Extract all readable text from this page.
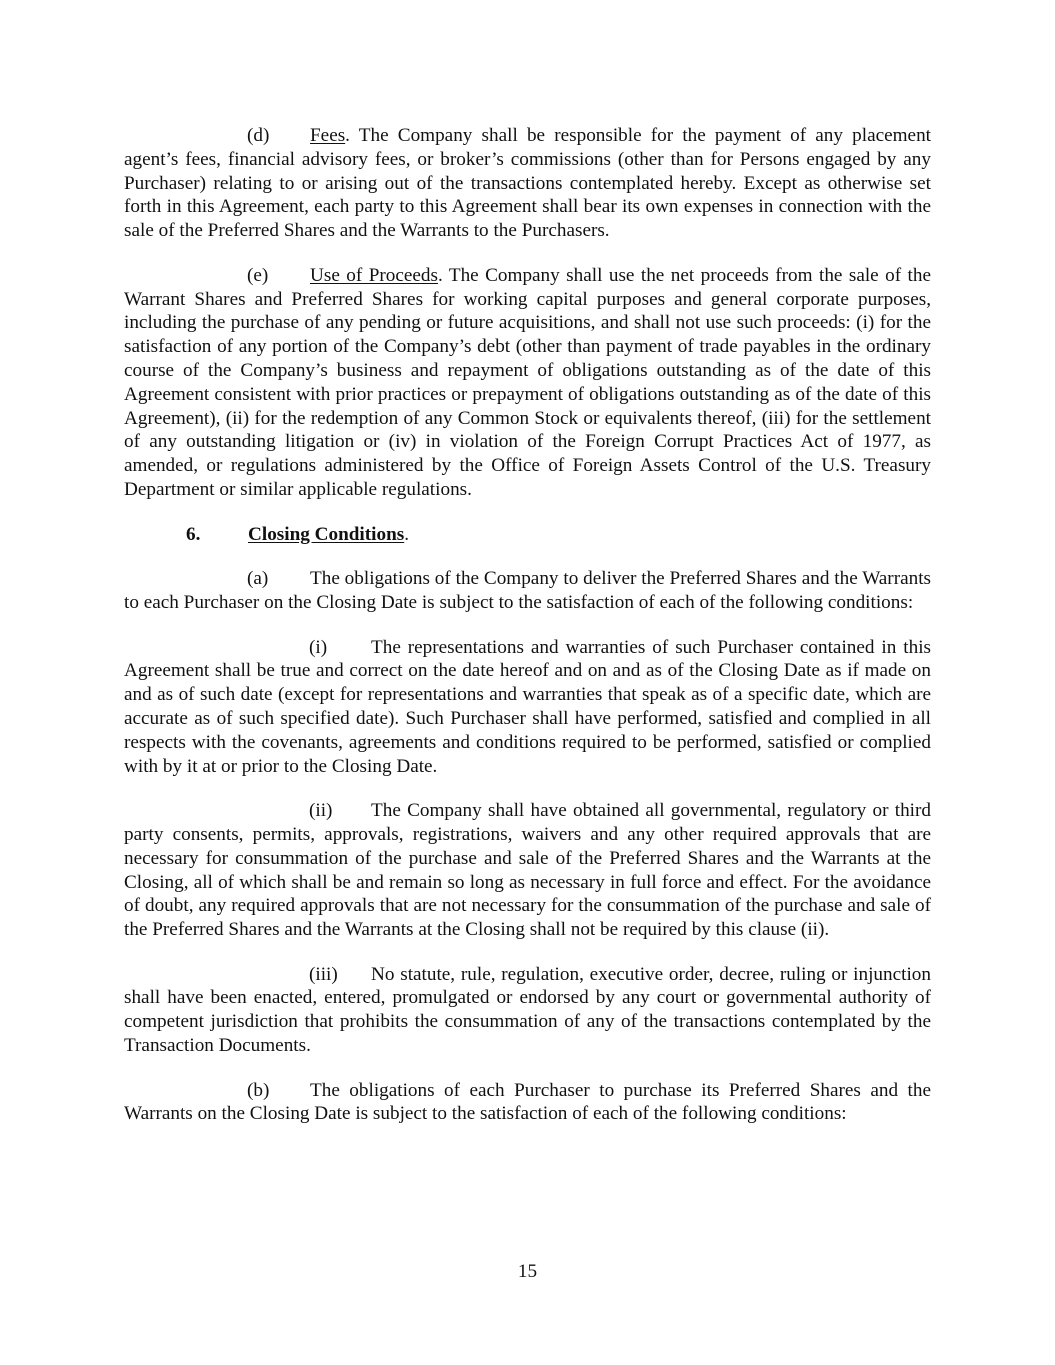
(d) Fees. The Company shall be responsible for the payment of any placement agent’s fees, financial advisory fees, or broker’s commissions (other than for Persons engaged by any Purchaser) relating to or arising out of the transactions contemplated hereby. Except as otherwise set forth in this Agreement, each party to this Agreement shall bear its own expenses in connection with the sale of the Preferred Shares and the Warrants to the Purchasers.

(e) Use of Proceeds. The Company shall use the net proceeds from the sale of the Warrant Shares and Preferred Shares for working capital purposes and general corporate purposes, including the purchase of any pending or future acquisitions, and shall not use such proceeds: (i) for the satisfaction of any portion of the Company’s debt (other than payment of trade payables in the ordinary course of the Company’s business and repayment of obligations outstanding as of the date of this Agreement consistent with prior practices or prepayment of obligations outstanding as of the date of this Agreement), (ii) for the redemption of any Common Stock or equivalents thereof, (iii) for the settlement of any outstanding litigation or (iv) in violation of the Foreign Corrupt Practices Act of 1977, as amended, or regulations administered by the Office of Foreign Assets Control of the U.S. Treasury Department or similar applicable regulations.

6. Closing Conditions.

(a) The obligations of the Company to deliver the Preferred Shares and the Warrants to each Purchaser on the Closing Date is subject to the satisfaction of each of the following conditions:

(i) The representations and warranties of such Purchaser contained in this Agreement shall be true and correct on the date hereof and on and as of the Closing Date as if made on and as of such date (except for representations and warranties that speak as of a specific date, which are accurate as of such specified date). Such Purchaser shall have performed, satisfied and complied in all respects with the covenants, agreements and conditions required to be performed, satisfied or complied with by it at or prior to the Closing Date.

(ii) The Company shall have obtained all governmental, regulatory or third party consents, permits, approvals, registrations, waivers and any other required approvals that are necessary for consummation of the purchase and sale of the Preferred Shares and the Warrants at the Closing, all of which shall be and remain so long as necessary in full force and effect. For the avoidance of doubt, any required approvals that are not necessary for the consummation of the purchase and sale of the Preferred Shares and the Warrants at the Closing shall not be required by this clause (ii).

(iii) No statute, rule, regulation, executive order, decree, ruling or injunction shall have been enacted, entered, promulgated or endorsed by any court or governmental authority of competent jurisdiction that prohibits the consummation of any of the transactions contemplated by the Transaction Documents.

(b) The obligations of each Purchaser to purchase its Preferred Shares and the Warrants on the Closing Date is subject to the satisfaction of each of the following conditions:

15
